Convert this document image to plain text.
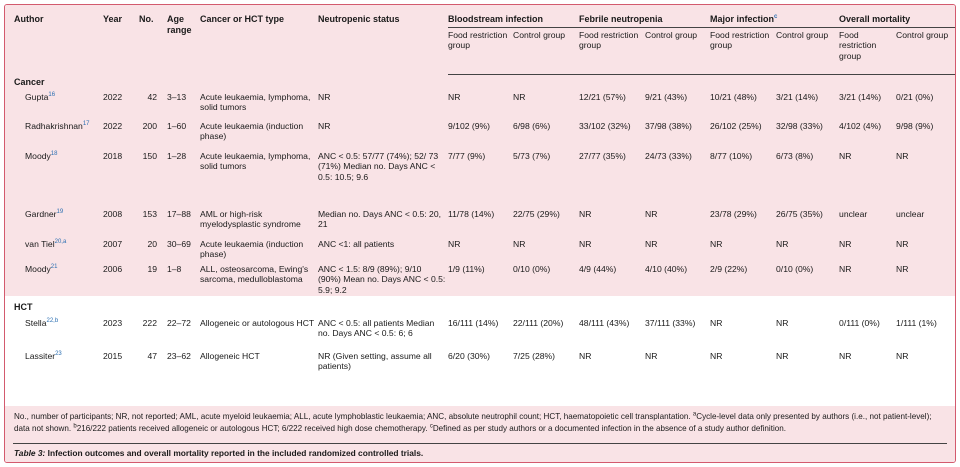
Author	Year	No.	Age range	Cancer or HCT type	Neutropenic status	Bloodstream infection		Febrile neutropenia		Major infection$^c$		Overall mortality	
						Food restriction group	Control group	Food restriction group	Control group	Food restriction group	Control group	Food restriction group	Control group
Cancer													
Gupta$^{16}$	2022	42	3–13	Acute leukaemia, lymphoma, solid tumors	NR	NR	NR	12/21 (57%)	9/21 (43%)	10/21 (48%)	3/21 (14%)	3/21 (14%)	0/21 (0%)
Radhakrishnan$^{17}$	2022	200	1–60	Acute leukaemia (induction phase)	NR	9/102 (9%)	6/98 (6%)	33/102 (32%)	37/98 (38%)	26/102 (25%)	32/98 (33%)	4/102 (4%)	9/98 (9%)
Moody$^{18}$	2018	150	1–28	Acute leukaemia, lymphoma, solid tumors	ANC < 0.5: 57/77 (74%); 52/ 73 (71%) Median no. Days ANC < 0.5: 10.5; 9.6	7/77 (9%)	5/73 (7%)	27/77 (35%)	24/73 (33%)	8/77 (10%)	6/73 (8%)	NR	NR
Gardner$^{19}$	2008	153	17–88	AML or high-risk myelodysplastic syndrome	Median no. Days ANC < 0.5: 20, 21	11/78 (14%)	22/75 (29%)	NR	NR	23/78 (29%)	26/75 (35%)	unclear	unclear
van Tiel$^{20,a}$	2007	20	30–69	Acute leukaemia (induction phase)	ANC <1: all patients	NR	NR	NR	NR	NR	NR	NR	NR
Moody$^{21}$	2006	19	1–8	ALL, osteosarcoma, Ewing's sarcoma, medulloblastoma	ANC < 1.5: 8/9 (89%); 9/10 (90%) Mean no. Days ANC < 0.5: 5.9; 9.2	1/9 (11%)	0/10 (0%)	4/9 (44%)	4/10 (40%)	2/9 (22%)	0/10 (0%)	NR	NR
HCT													
Stella$^{22,b}$	2023	222	22–72	Allogeneic or autologous HCT	ANC < 0.5: all patients Median no. Days ANC < 0.5: 6; 6	16/111 (14%)	22/111 (20%)	48/111 (43%)	37/111 (33%)	NR	NR	0/111 (0%)	1/111 (1%)
Lassiter$^{23}$	2015	47	23–62	Allogeneic HCT	NR (Given setting, assume all patients)	6/20 (30%)	7/25 (28%)	NR	NR	NR	NR	NR	NR
No., number of participants; NR, not reported; AML, acute myeloid leukaemia; ALL, acute lymphoblastic leukaemia; ANC, absolute neutrophil count; HCT, haematopoietic cell transplantation. $^a$Cycle-level data only presented by authors (i.e., not patient-level); data not shown. $^b$216/222 patients received allogeneic or autologous HCT; 6/222 received high dose chemotherapy. $^c$Defined as per study authors or a documented infection in the absence of a study author definition.
Table 3: Infection outcomes and overall mortality reported in the included randomized controlled trials.
